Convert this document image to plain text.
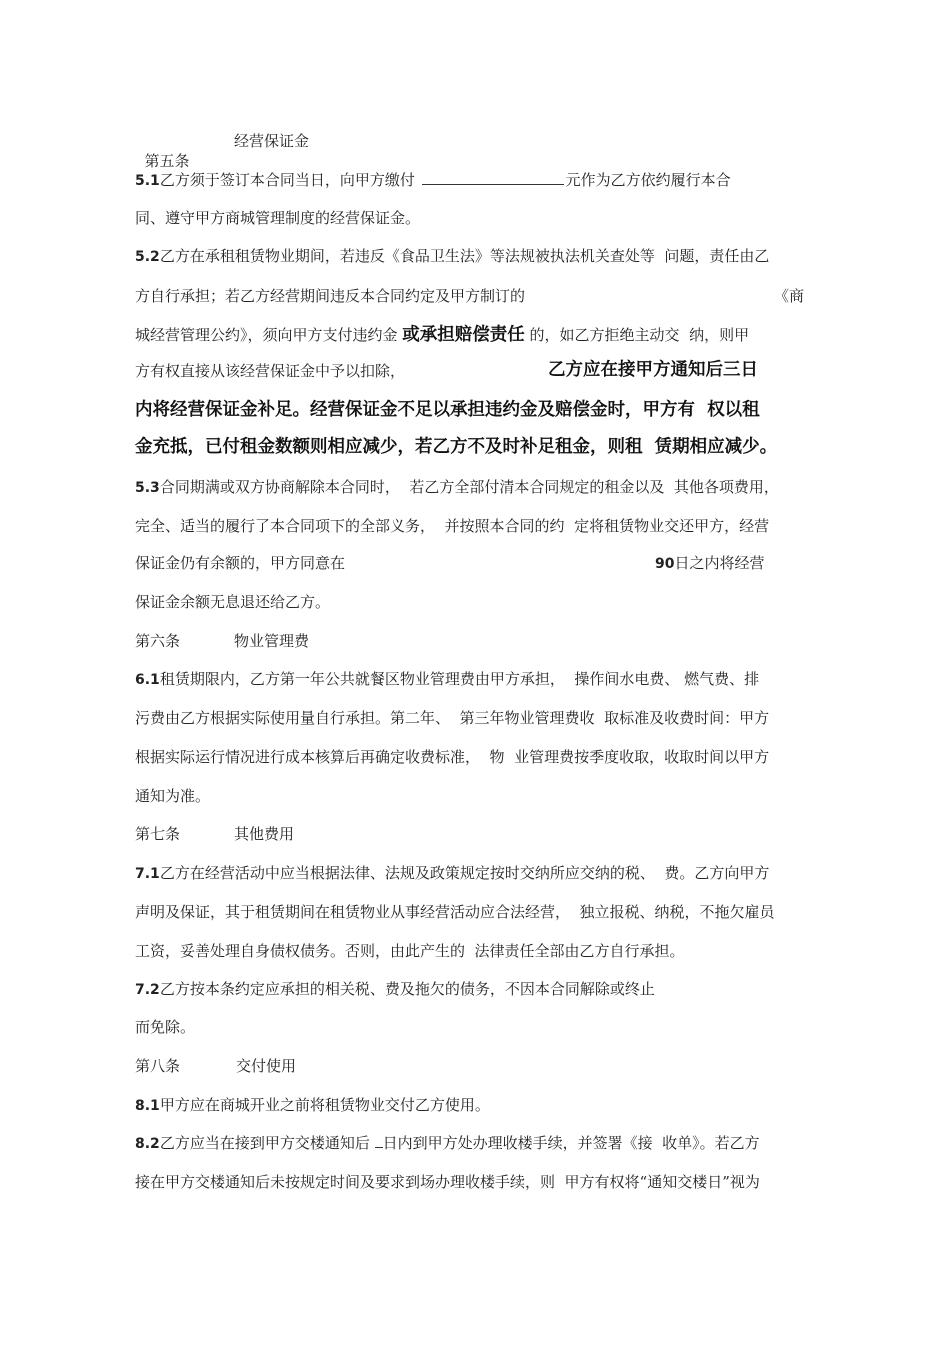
第五条

经营保证金
5.1乙方须于签订本合同当日，向甲方缴付	元作为乙方依约履行本合
同、遵守甲方商城管理制度的经营保证金。
5.2乙方在承租租赁物业期间，若违反《食品卫生法》等法规被执法机关查处等  问题，责任由乙
方自行承担；若乙方经营期间违反本合同约定及甲方制订的	《商
城经营管理公约》，须向甲方支付违约金 或承担赔偿责任 的，如乙方拒绝主动交  纳，则甲
方有权直接从该经营保证金中予以扣除，	乙方应在接甲方通知后三日
内将经营保证金补足。经营保证金不足以承担违约金及赔偿金时，甲方有  权以租
金充抵，已付租金数额则相应减少，若乙方不及时补足租金，则租  赁期相应减少。
5.3合同期满或双方协商解除本合同时，  若乙方全部付清本合同规定的租金以及  其他各项费用，
完全、适当的履行了本合同项下的全部义务，  并按照本合同的约  定将租赁物业交还甲方，经营
保证金仍有余额的，甲方同意在	90日之内将经营
保证金余额无息退还给乙方。
第六条	物业管理费
6.1租赁期限内，乙方第一年公共就餐区物业管理费由甲方承担，  操作间水电费、 燃气费、排
污费由乙方根据实际使用量自行承担。第二年、  第三年物业管理费收  取标准及收费时间：甲方
根据实际运行情况进行成本核算后再确定收费标准，  物  业管理费按季度收取，收取时间以甲方
通知为准。
第七条	其他费用
7.1乙方在经营活动中应当根据法律、法规及政策规定按时交纳所应交纳的税、  费。乙方向甲方
声明及保证，其于租赁期间在租赁物业从事经营活动应合法经营，  独立报税、纳税，不拖欠雇员
工资，妥善处理自身债权债务。否则，由此产生的  法律责任全部由乙方自行承担。
7.2乙方按本条约定应承担的相关税、费及拖欠的债务，不因本合同解除或终止
而免除。
第八条	交付使用
8.1甲方应在商城开业之前将租赁物业交付乙方使用。
8.2乙方应当在接到甲方交楼通知后 日内到甲方处办理收楼手续，并签署《接  收单》。若乙方
接在甲方交楼通知后未按规定时间及要求到场办理收楼手续，则  甲方有权将“通知交楼日”视为
